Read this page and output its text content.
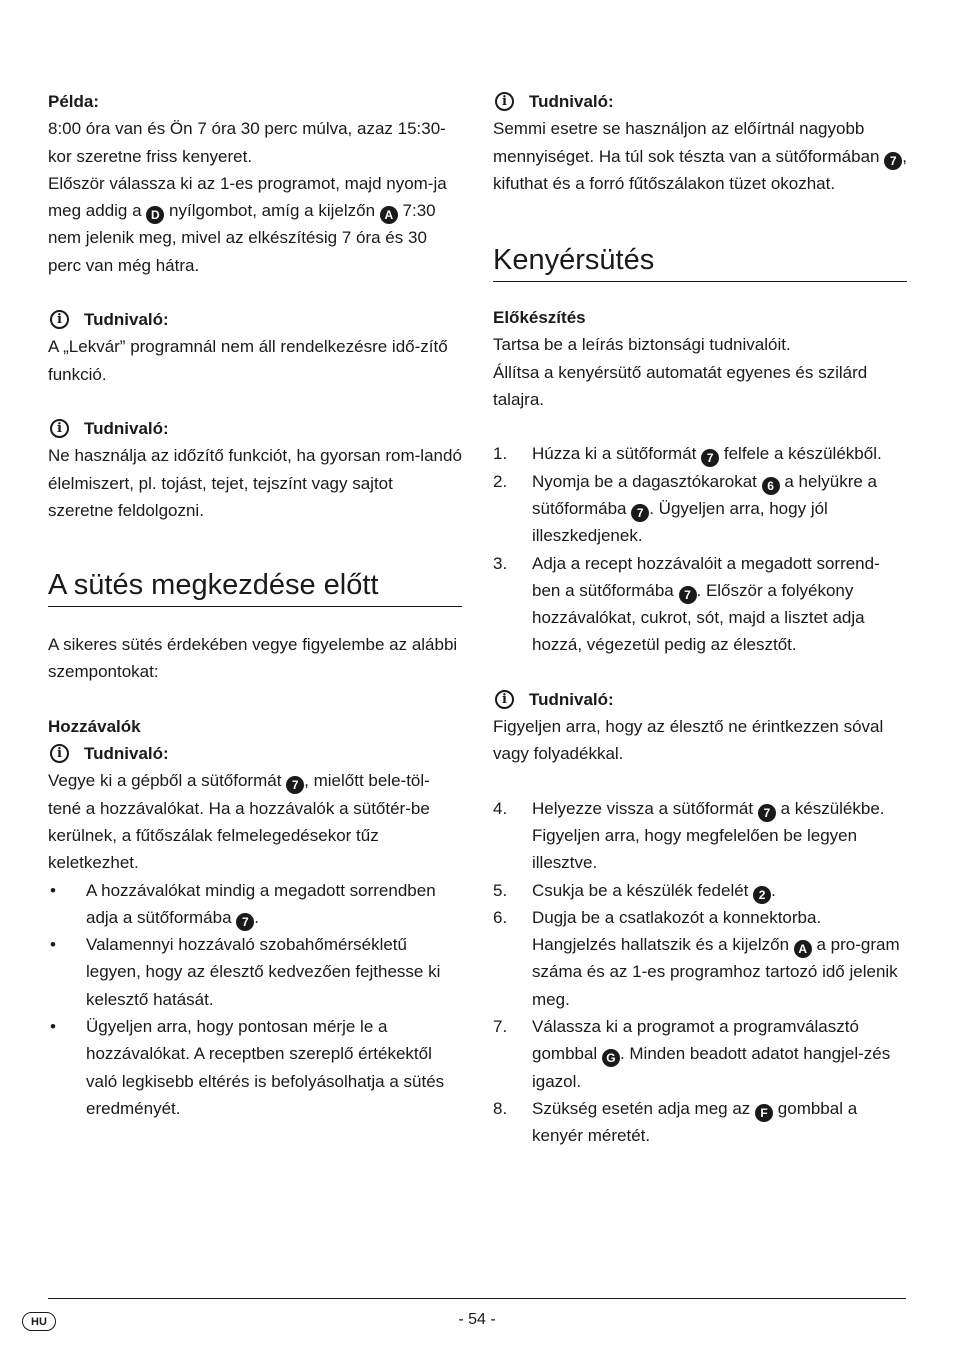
Példa:

8:00 óra van és Ön 7 óra 30 perc múlva, azaz 15:30-kor szeretne friss kenyeret.

Először válassza ki az 1-es programot, majd nyom-ja meg addig a D nyílgombot, amíg a kijelzőn A 7:30 nem jelenik meg, mivel az elkészítésig 7 óra és 30 perc van még hátra.

i	Tudnivaló:

A „Lekvár” programnál nem áll rendelkezésre idő-zítő funkció.

i	Tudnivaló:

Ne használja az időzítő funkciót, ha gyorsan rom-landó élelmiszert, pl. tojást, tejet, tejszínt vagy sajtot szeretne feldolgozni.

A sütés megkezdése előtt

A sikeres sütés érdekében vegye figyelembe az alábbi szempontokat:

Hozzávalók

i	Tudnivaló:

Vegye ki a gépből a sütőformát 7 , mielőtt bele-töl-tené a hozzávalókat. Ha a hozzávalók a sütőtér-be kerülnek, a fűtőszálak felmelegedésekor tűz keletkezhet.

• A hozzávalókat mindig a megadott sorrendben adja a sütőformába 7 .
• Valamennyi hozzávaló szobahőmérsékletű legyen, hogy az élesztő kedvezően fejthesse ki kelesztő hatását.
• Ügyeljen arra, hogy pontosan mérje le a hozzávalókat. A receptben szereplő értékektől való legkisebb eltérés is befolyásolhatja a sütés eredményét.
i	Tudnivaló:

Semmi esetre se használjon az előírtnál nagyobb mennyiséget. Ha túl sok tészta van a sütőformában 7 , kifuthat és a forró fűtőszálakon tüzet okozhat.

Kenyérsütés

Előkészítés

Tartsa be a leírás biztonsági tudnivalóit.

Állítsa a kenyérsütő automatát egyenes és szilárd talajra.

1. Húzza ki a sütőformát 7 felfele a készülékből.
2. Nyomja be a dagasztókarokat 6 a helyükre a sütőformába 7 . Ügyeljen arra, hogy jól illeszkedjenek.
3. Adja a recept hozzávalóit a megadott sorrend-ben a sütőformába 7 . Először a folyékony hozzávalókat, cukrot, sót, majd a lisztet adja hozzá, végezetül pedig az élesztőt.
i	Tudnivaló:

Figyeljen arra, hogy az élesztő ne érintkezzen sóval vagy folyadékkal.

4. Helyezze vissza a sütőformát 7 a készülékbe. Figyeljen arra, hogy megfelelően be legyen illesztve.
5. Csukja be a készülék fedelét 2 .
6. Dugja be a csatlakozót a konnektorba. Hangjelzés hallatszik és a kijelzőn A a pro-gram száma és az 1-es programhoz tartozó idő jelenik meg.
7. Válassza ki a programot a programválasztó gombbal G . Minden beadott adatot hangjel-zés igazol.
8. Szükség esetén adja meg az F gombbal a kenyér méretét.
HU	- 54 -
